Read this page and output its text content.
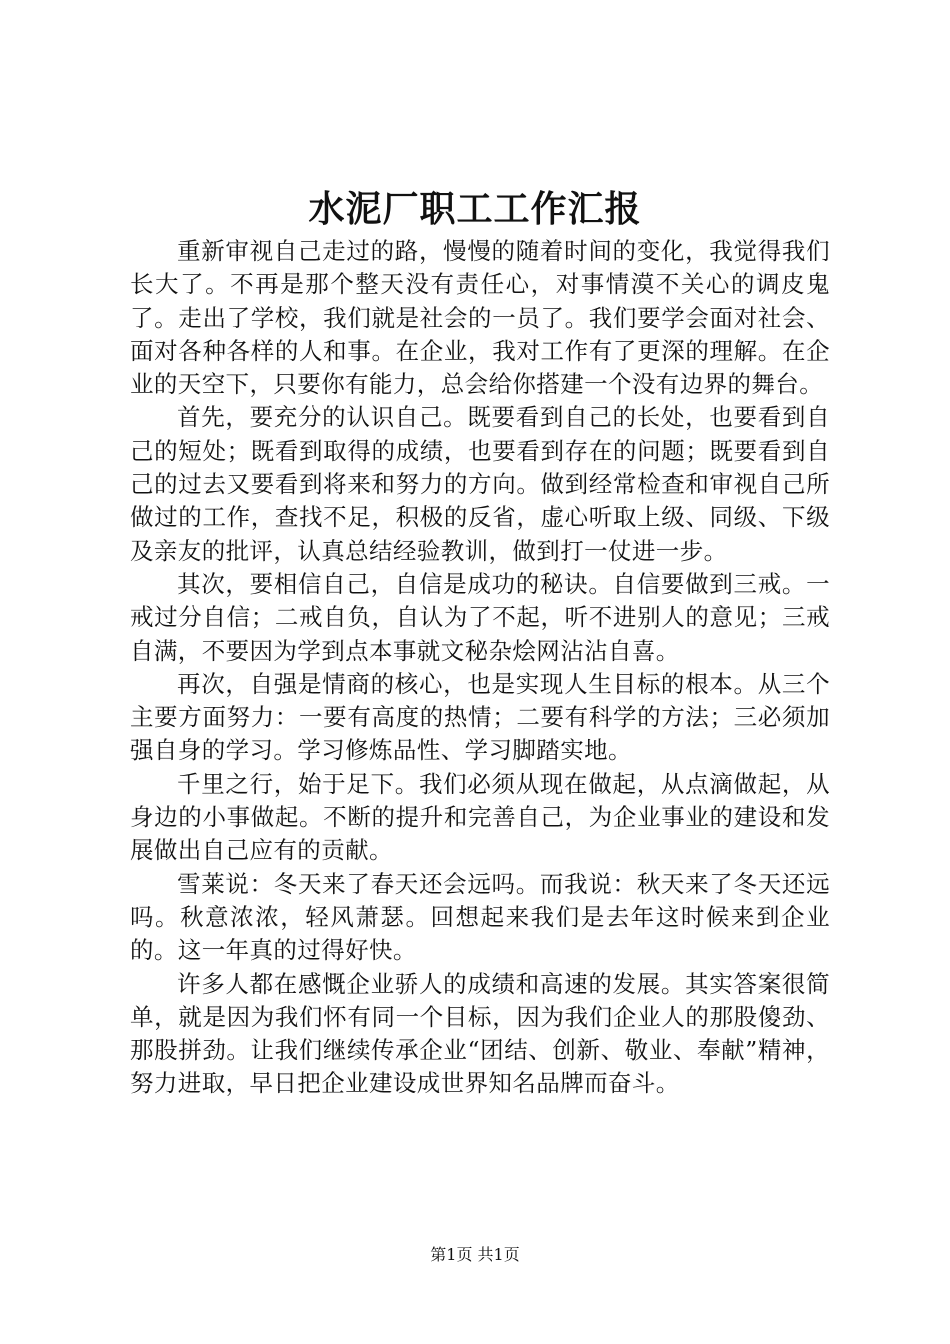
水泥厂职工工作汇报

重新审视自己走过的路，慢慢的随着时间的变化，我觉得我们长大了。不再是那个整天没有责任心，对事情漠不关心的调皮鬼了。走出了学校，我们就是社会的一员了。我们要学会面对社会、面对各种各样的人和事。在企业，我对工作有了更深的理解。在企业的天空下，只要你有能力，总会给你搭建一个没有边界的舞台。

首先，要充分的认识自己。既要看到自己的长处，也要看到自己的短处；既看到取得的成绩，也要看到存在的问题；既要看到自己的过去又要看到将来和努力的方向。做到经常检查和审视自己所做过的工作，查找不足，积极的反省，虚心听取上级、同级、下级及亲友的批评，认真总结经验教训，做到打一仗进一步。

其次，要相信自己，自信是成功的秘诀。自信要做到三戒。一戒过分自信；二戒自负，自认为了不起，听不进别人的意见；三戒自满，不要因为学到点本事就文秘杂烩网沾沾自喜。

再次，自强是情商的核心，也是实现人生目标的根本。从三个主要方面努力：一要有高度的热情；二要有科学的方法；三必须加强自身的学习。学习修炼品性、学习脚踏实地。

千里之行，始于足下。我们必须从现在做起，从点滴做起，从身边的小事做起。不断的提升和完善自己，为企业事业的建设和发展做出自己应有的贡献。

雪莱说：冬天来了春天还会远吗。而我说：秋天来了冬天还远吗。秋意浓浓，轻风萧瑟。回想起来我们是去年这时候来到企业的。这一年真的过得好快。

许多人都在感慨企业骄人的成绩和高速的发展。其实答案很简单，就是因为我们怀有同一个目标，因为我们企业人的那股傻劲、那股拼劲。让我们继续传承企业“团结、创新、敬业、奉献”精神，努力进取，早日把企业建设成世界知名品牌而奋斗。

第1页 共1页
